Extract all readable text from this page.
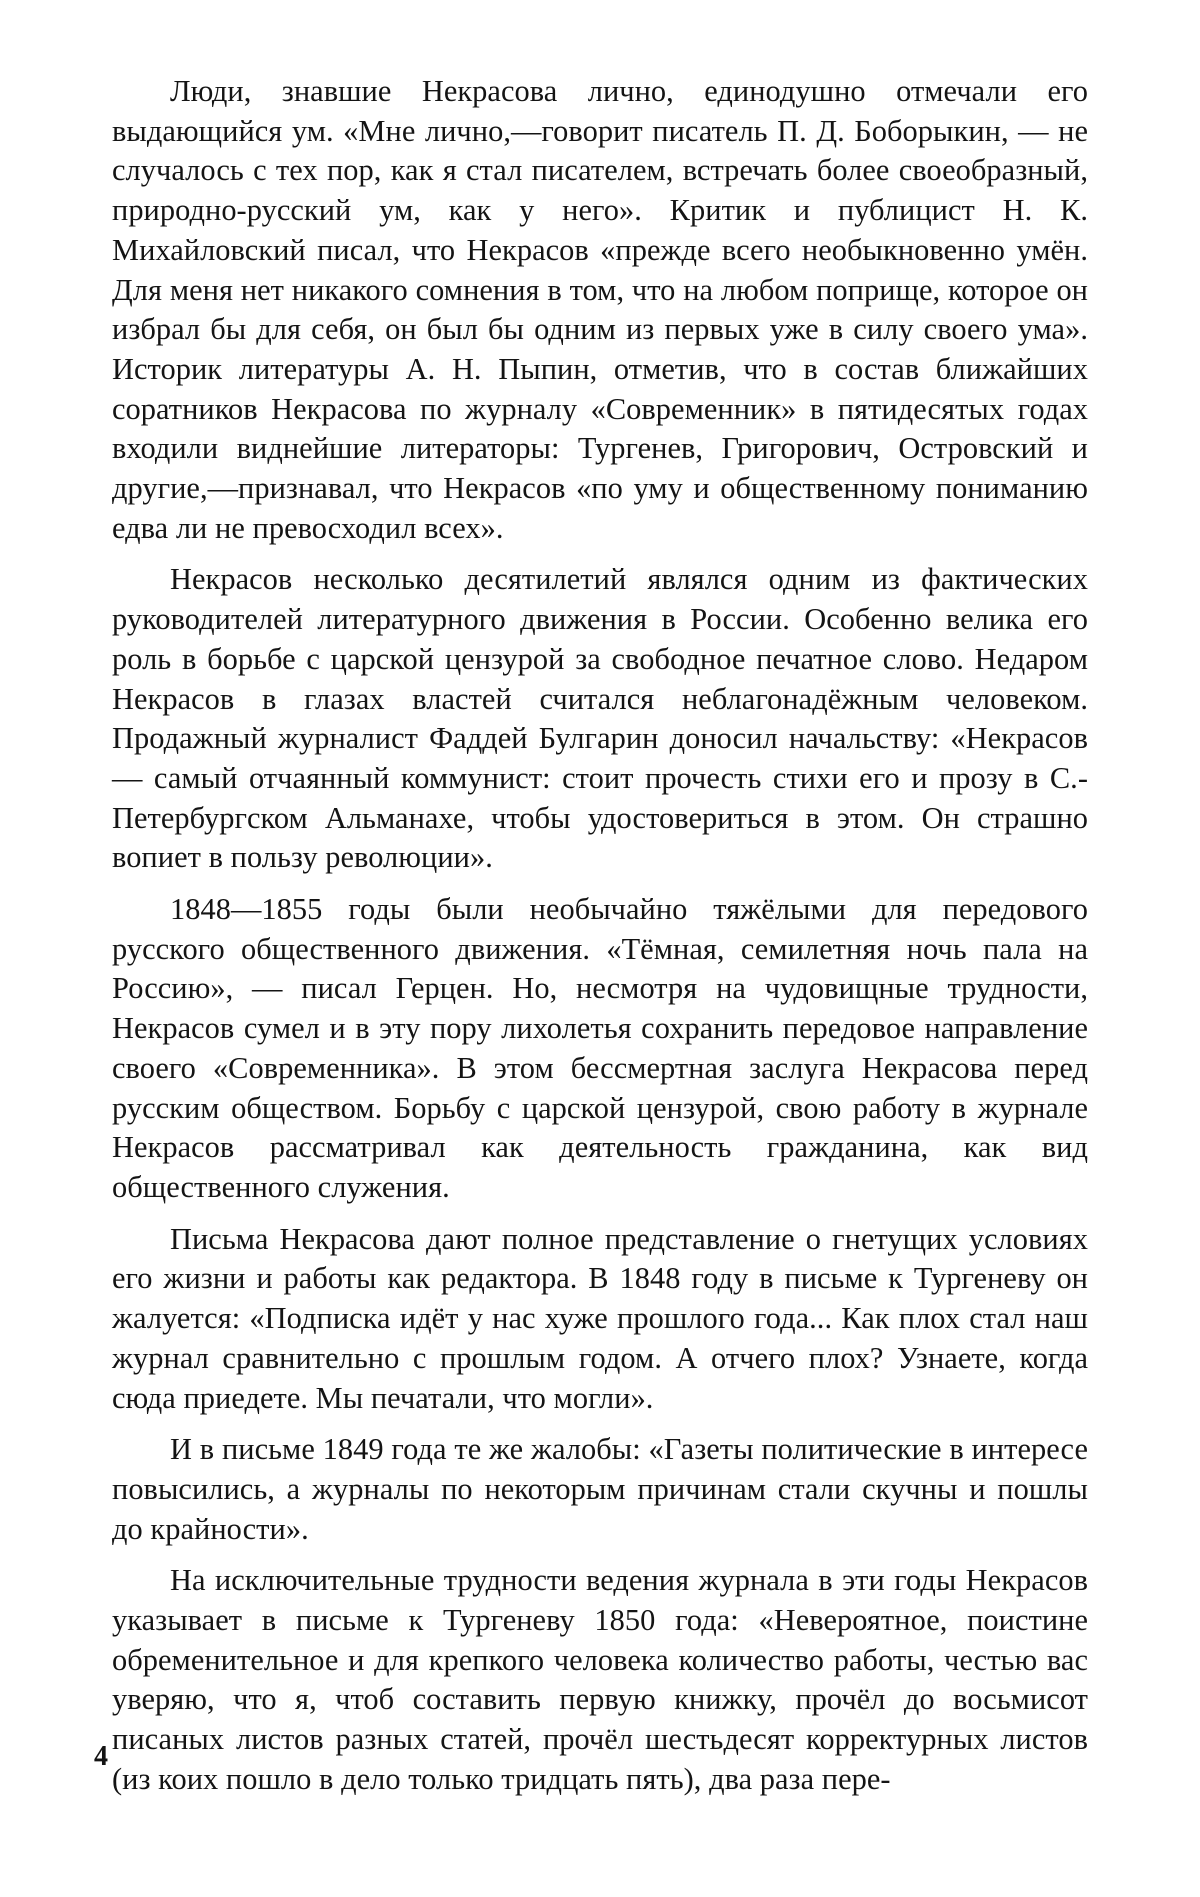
Люди, знавшие Некрасова лично, единодушно отмечали его выдающийся ум. «Мне лично,—говорит писатель П. Д. Боборыкин, — не случалось с тех пор, как я стал писателем, встречать более своеобразный, природно-русский ум, как у него». Критик и публицист Н. К. Михайловский писал, что Некрасов «прежде всего необыкновенно умён. Для меня нет никакого сомнения в том, что на любом поприще, которое он избрал бы для себя, он был бы одним из первых уже в силу своего ума». Историк литературы А. Н. Пыпин, отметив, что в состав ближайших соратников Некрасова по журналу «Современник» в пятидесятых годах входили виднейшие литераторы: Тургенев, Григорович, Островский и другие,—признавал, что Некрасов «по уму и общественному пониманию едва ли не превосходил всех».

Некрасов несколько десятилетий являлся одним из фактических руководителей литературного движения в России. Особенно велика его роль в борьбе с царской цензурой за свободное печатное слово. Недаром Некрасов в глазах властей считался неблагонадёжным человеком. Продажный журналист Фаддей Булгарин доносил начальству: «Некрасов — самый отчаянный коммунист: стоит прочесть стихи его и прозу в С.-Петербургском Альманахе, чтобы удостовериться в этом. Он страшно вопиет в пользу революции».

1848—1855 годы были необычайно тяжёлыми для передового русского общественного движения. «Тёмная, семилетняя ночь пала на Россию», — писал Герцен. Но, несмотря на чудовищные трудности, Некрасов сумел и в эту пору лихолетья сохранить передовое направление своего «Современника». В этом бессмертная заслуга Некрасова перед русским обществом. Борьбу с царской цензурой, свою работу в журнале Некрасов рассматривал как деятельность гражданина, как вид общественного служения.

Письма Некрасова дают полное представление о гнетущих условиях его жизни и работы как редактора. В 1848 году в письме к Тургеневу он жалуется: «Подписка идёт у нас хуже прошлого года... Как плох стал наш журнал сравнительно с прошлым годом. А отчего плох? Узнаете, когда сюда приедете. Мы печатали, что могли».

И в письме 1849 года те же жалобы: «Газеты политические в интересе повысились, а журналы по некоторым причинам стали скучны и пошлы до крайности».

На исключительные трудности ведения журнала в эти годы Некрасов указывает в письме к Тургеневу 1850 года: «Невероятное, поистине обременительное и для крепкого человека количество работы, честью вас уверяю, что я, чтоб составить первую книжку, прочёл до восьмисот писаных листов разных статей, прочёл шестьдесят корректурных листов (из коих пошло в дело только тридцать пять), два раза пере-

4
